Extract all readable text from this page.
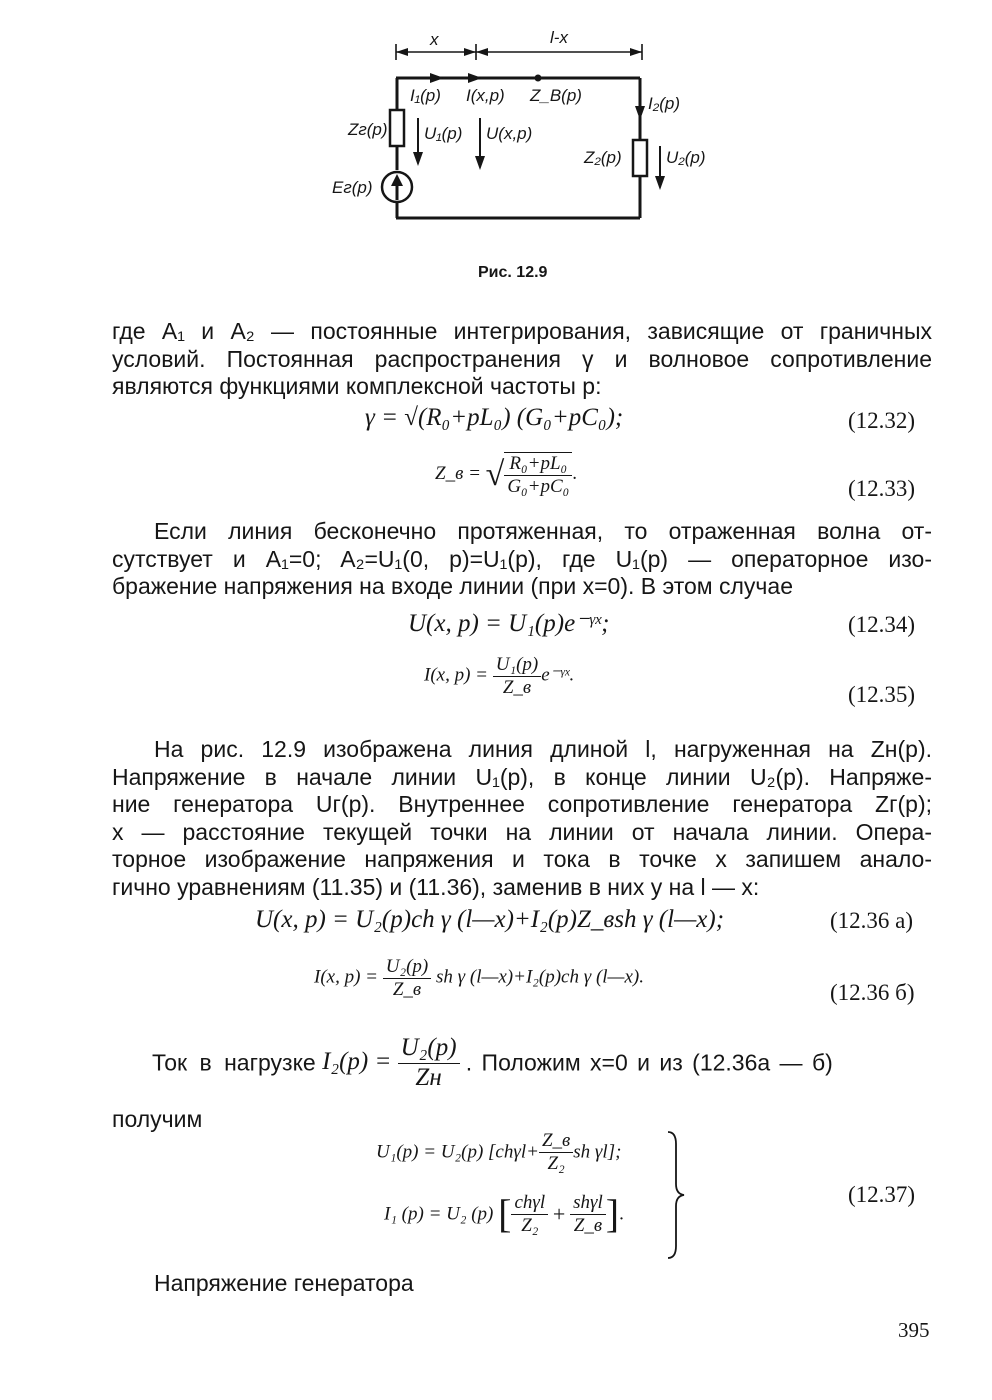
x	l-x
I₁(p) I(x,p) Z_B(p)	I₂(p)
Zг(p) U₁(p) U(x,p)
Z₂(p)	U₂(p)
Eг(p)
Рис. 12.9
где A₁ и A₂ — постоянные интегрирования, зависящие от граничных
условий. Постоянная распространения γ и волновое сопротивление
являются функциями комплексной частоты p:
γ = √(R₀+pL₀) (G₀+pC₀);	(12.32)
Z_в = √ $\frac{\text{R₀+pL₀}}{\text{G₀+pC₀}}$ .
(12.33)
Если линия бесконечно протяженная, то отраженная волна от-
сутствует и A₁=0; A₂=U₁(0, p)=U₁(p), где U₁(p) — операторное изо-
бражение напряжения на входе линии (при x=0). В этом случае
U(x, p) = U₁(p)e⁻ᵞˣ;	(12.34)
I(x, $p) = \frac{\text{U₁(p)}}{Z\_в}$ e⁻ᵞˣ.
(12.35)
На рис. 12.9 изображена линия длиной l, нагруженная на Zн(p).
Напряжение в начале линии U₁(p), в конце линии U₂(p). Напряже-
ние генератора Uг(p). Внутреннее сопротивление генератора Zг(p);
x — расстояние текущей точки на линии от начала линии. Опера-
торное изображение напряжения и тока в точке x запишем анало-
гично уравнениям (11.35) и (11.36), заменив в них y на l — x:
U(x, p) = U₂(p)ch γ (l—x)+I₂(p)Z_вsh γ (l—x);	(12.36 а)
I(x, $p) = \frac{\text{U₂(p)}}{Z\_в}$ sh γ (l—x)+I₂(p)ch γ (l—x).
(12.36 б)
Ток в нагрузке $I_2(p) = \frac{\text{U₂(p)}}{Zн}$ . Положим x=0 и из (12.36а — б)
получим
U₁(p) = U₂(p) [$ch\gamma l+ \frac{Z\_в}{\text{Z₂}}$ sh γl];
I₁ (p) = U₂ (p) [ $\frac{\text{chγl}}{\text{Z₂}} + \frac{\text{shγl}}{Z\_в}$ ].
(12.37)
Напряжение генератора
395
